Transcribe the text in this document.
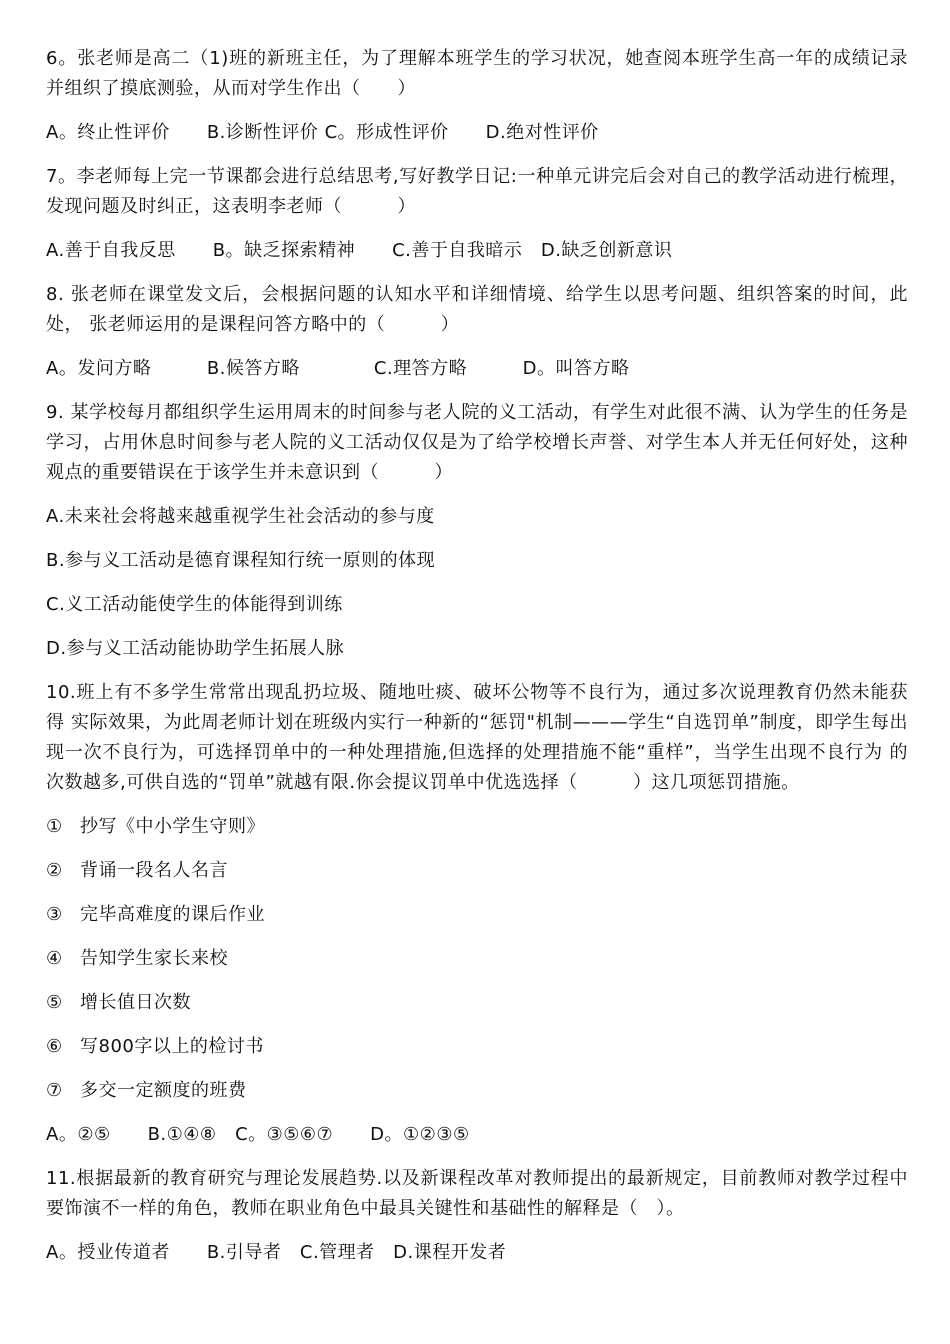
6。张老师是高二（1)班的新班主任，为了理解本班学生的学习状况，她查阅本班学生高一年的成绩记录 并组织了摸底测验，从而对学生作出（　　）

A。终止性评价　　B.诊断性评价 C。形成性评价　　D.绝对性评价

7。李老师每上完一节课都会进行总结思考,写好教学日记:一种单元讲完后会对自己的教学活动进行梳理， 发现问题及时纠正，这表明李老师（　　　）

A.善于自我反思　　B。缺乏探索精神　　C.善于自我暗示　D.缺乏创新意识

8. 张老师在课堂发文后，会根据问题的认知水平和详细情境、给学生以思考问题、组织答案的时间，此处， 张老师运用的是课程问答方略中的（　　　）

A。发问方略　　　B.候答方略　　　　C.理答方略　　　D。叫答方略

9. 某学校每月都组织学生运用周末的时间参与老人院的义工活动，有学生对此很不满、认为学生的任务是 学习，占用休息时间参与老人院的义工活动仅仅是为了给学校增长声誉、对学生本人并无任何好处，这种 观点的重要错误在于该学生并未意识到（　　　）

A.未来社会将越来越重视学生社会活动的参与度

B.参与义工活动是德育课程知行统一原则的体现

C.义工活动能使学生的体能得到训练

D.参与义工活动能协助学生拓展人脉

10.班上有不多学生常常出现乱扔垃圾、随地吐痰、破坏公物等不良行为，通过多次说理教育仍然未能获得 实际效果，为此周老师计划在班级内实行一种新的“惩罚"机制———学生“自选罚单”制度，即学生每出 现一次不良行为，可选择罚单中的一种处理措施,但选择的处理措施不能“重样”，当学生出现不良行为 的次数越多,可供自选的“罚单”就越有限.你会提议罚单中优选选择（　　　）这几项惩罚措施。

① 抄写《中小学生守则》

② 背诵一段名人名言

③ 完毕高难度的课后作业

④ 告知学生家长来校

⑤ 增长值日次数

⑥ 写800字以上的检讨书

⑦ 多交一定额度的班费

A。②⑤　　B.①④⑧　C。③⑤⑥⑦　　D。①②③⑤

11.根据最新的教育研究与理论发展趋势.以及新课程改革对教师提出的最新规定，目前教师对教学过程中 要饰演不一样的角色，教师在职业角色中最具关键性和基础性的解释是（　）。

A。授业传道者　　B.引导者　C.管理者　D.课程开发者
